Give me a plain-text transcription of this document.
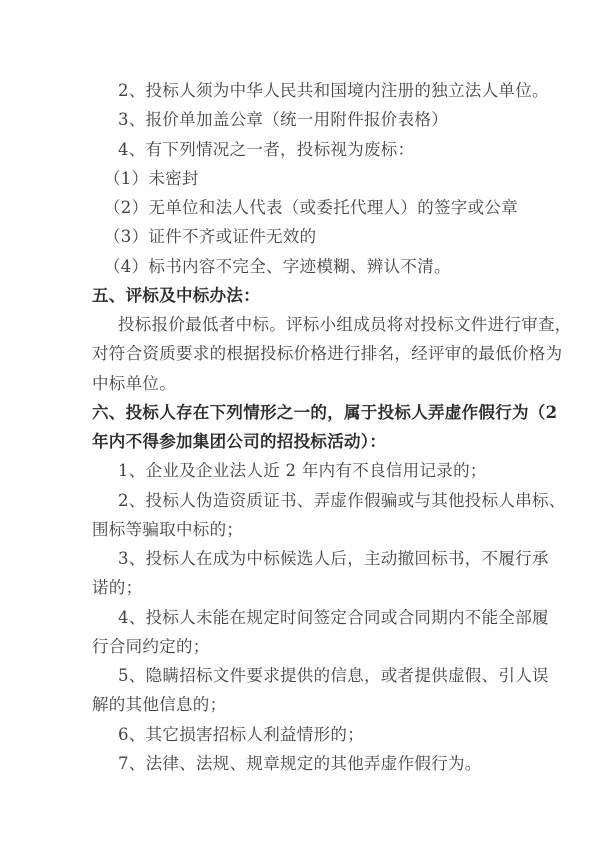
2、投标人须为中华人民共和国境内注册的独立法人单位。
3、报价单加盖公章（统一用附件报价表格）
4、有下列情况之一者，投标视为废标：
（1）未密封
（2）无单位和法人代表（或委托代理人）的签字或公章
（3）证件不齐或证件无效的
（4）标书内容不完全、字迹模糊、辨认不清。
五、评标及中标办法：
投标报价最低者中标。评标小组成员将对投标文件进行审查，
对符合资质要求的根据投标价格进行排名，经评审的最低价格为
中标单位。
六、投标人存在下列情形之一的，属于投标人弄虚作假行为（2
年内不得参加集团公司的招投标活动）：
1、企业及企业法人近 2 年内有不良信用记录的；
2、投标人伪造资质证书、弄虚作假骗或与其他投标人串标、
围标等骗取中标的；
3、投标人在成为中标候选人后，主动撤回标书，不履行承
诺的；
4、投标人未能在规定时间签定合同或合同期内不能全部履
行合同约定的；
5、隐瞒招标文件要求提供的信息，或者提供虚假、引人误
解的其他信息的；
6、其它损害招标人利益情形的；
7、法律、法规、规章规定的其他弄虚作假行为。
